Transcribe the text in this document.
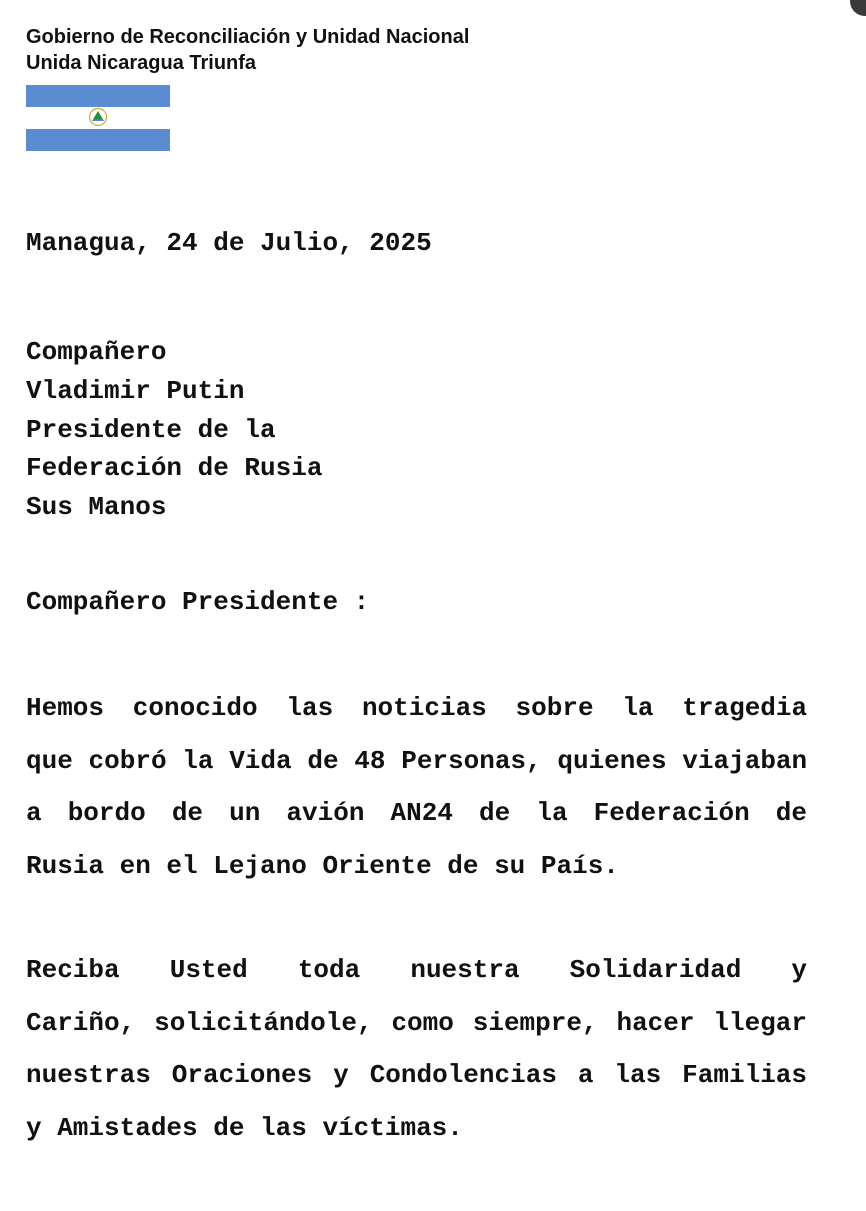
Gobierno de Reconciliación y Unidad Nacional
Unida Nicaragua Triunfa
Managua, 24 de Julio, 2025
Compañero
Vladimir Putin
Presidente de la
Federación de Rusia
Sus Manos
Compañero Presidente :
Hemos conocido las noticias sobre la tragedia
que cobró la Vida de 48 Personas, quienes viajaban
a bordo de un avión AN24 de la Federación de
Rusia en el Lejano Oriente de su País.
Reciba Usted toda nuestra Solidaridad y
Cariño, solicitándole, como siempre, hacer llegar
nuestras Oraciones y Condolencias a las Familias
y Amistades de las víctimas.
